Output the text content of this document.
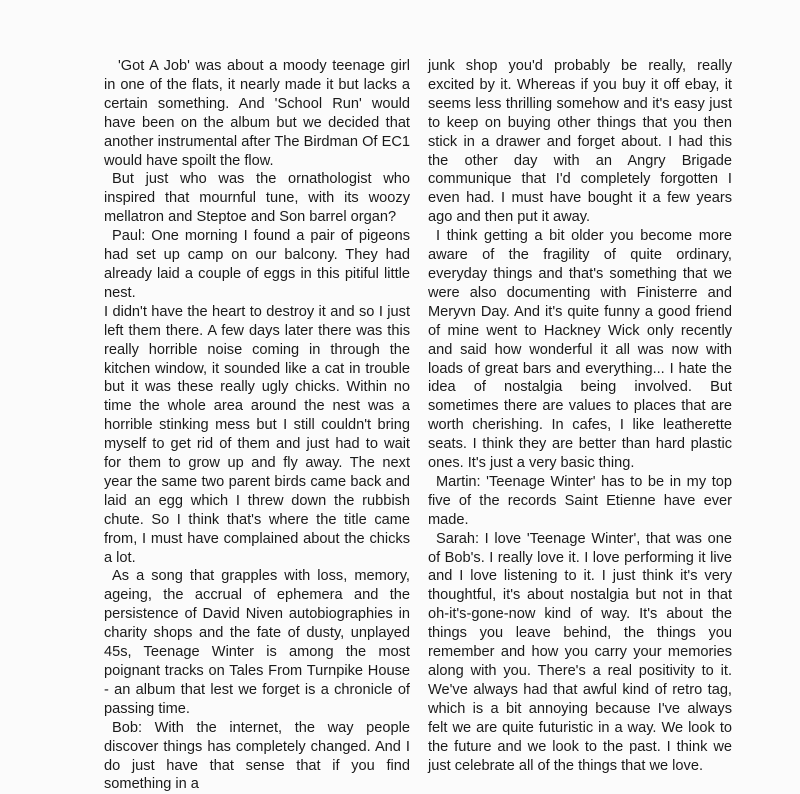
'Got A Job' was about a moody teenage girl in one of the flats, it nearly made it but lacks a certain something. And 'School Run' would have been on the album but we decided that another instrumental after The Birdman Of EC1 would have spoilt the flow.

But just who was the ornathologist who inspired that mournful tune, with its woozy mellatron and Steptoe and Son barrel organ?

Paul: One morning I found a pair of pigeons had set up camp on our balcony. They had already laid a couple of eggs in this pitiful little nest.

I didn't have the heart to destroy it and so I just left them there. A few days later there was this really horrible noise coming in through the kitchen window, it sounded like a cat in trouble but it was these really ugly chicks. Within no time the whole area around the nest was a horrible stinking mess but I still couldn't bring myself to get rid of them and just had to wait for them to grow up and fly away. The next year the same two parent birds came back and laid an egg which I threw down the rubbish chute. So I think that's where the title came from, I must have complained about the chicks a lot.

As a song that grapples with loss, memory, ageing, the accrual of ephemera and the persistence of David Niven autobiographies in charity shops and the fate of dusty, unplayed 45s, Teenage Winter is among the most poignant tracks on Tales From Turnpike House - an album that lest we forget is a chronicle of passing time.

Bob: With the internet, the way people discover things has completely changed. And I do just have that sense that if you find something in a

junk shop you'd probably be really, really excited by it. Whereas if you buy it off ebay, it seems less thrilling somehow and it's easy just to keep on buying other things that you then stick in a drawer and forget about. I had this the other day with an Angry Brigade communique that I'd completely forgotten I even had. I must have bought it a few years ago and then put it away.

I think getting a bit older you become more aware of the fragility of quite ordinary, everyday things and that's something that we were also documenting with Finisterre and Meryvn Day. And it's quite funny a good friend of mine went to Hackney Wick only recently and said how wonderful it all was now with loads of great bars and everything... I hate the idea of nostalgia being involved. But sometimes there are values to places that are worth cherishing. In cafes, I like leatherette seats. I think they are better than hard plastic ones. It's just a very basic thing.

Martin: 'Teenage Winter' has to be in my top five of the records Saint Etienne have ever made.

Sarah: I love 'Teenage Winter', that was one of Bob's. I really love it. I love performing it live and I love listening to it. I just think it's very thoughtful, it's about nostalgia but not in that oh-it's-gone-now kind of way. It's about the things you leave behind, the things you remember and how you carry your memories along with you. There's a real positivity to it. We've always had that awful kind of retro tag, which is a bit annoying because I've always felt we are quite futuristic in a way. We look to the future and we look to the past. I think we just celebrate all of the things that we love.
